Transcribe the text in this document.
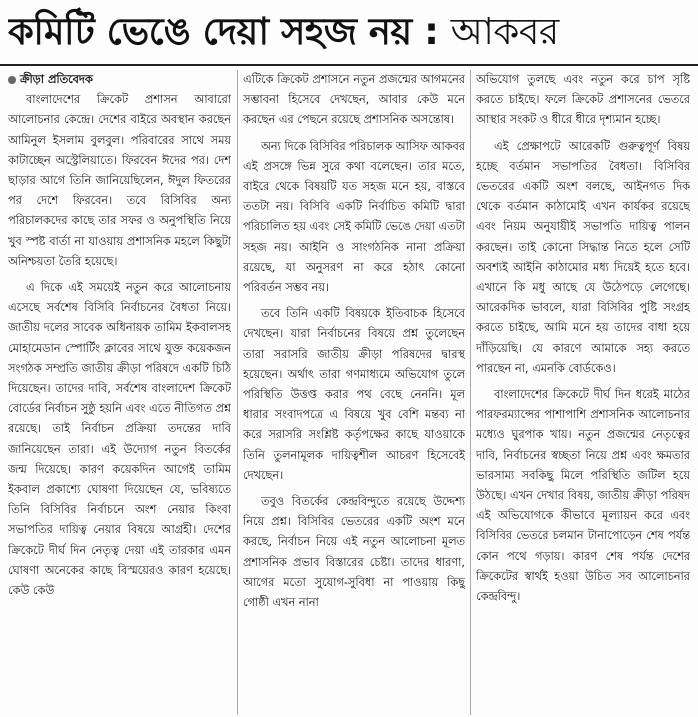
কমিটি ভেঙে দেয়া সহজ নয় : আকবর

ক্রীড়া প্রতিবেদক

বাংলাদেশের ক্রিকেট প্রশাসন আবারো আলোচনার কেন্দ্রে। দেশের বাইরে অবস্থান করছেন আমিনুল ইসলাম বুলবুল। পরিবারের সাথে সময় কাটাচ্ছেন অস্ট্রেলিয়াতে। ফিরবেন ঈদের পর। দেশ ছাড়ার আগে তিনি জানিয়েছিলেন, ঈদুল ফিতরের পর দেশে ফিরবেন। তবে বিসিবির অন্য পরিচালকদের কাছে তার সফর ও অনুপস্থিতি নিয়ে খুব স্পষ্ট বার্তা না যাওয়ায় প্রশাসনিক মহলে কিছুটা অনিশ্চয়তা তৈরি হয়েছে।

এ দিকে এই সময়েই নতুন করে আলোচনায় এসেছে সর্বশেষ বিসিবি নির্বাচনের বৈধতা নিয়ে। জাতীয় দলের সাবেক অধিনায়ক তামিম ইকবালসহ মোহামেডান স্পোর্টিং ক্লাবের সাথে যুক্ত কয়েকজন সংগঠক সম্প্রতি জাতীয় ক্রীড়া পরিষদে একটি চিঠি দিয়েছেন। তাদের দাবি, সর্বশেষ বাংলাদেশ ক্রিকেট বোর্ডের নির্বাচন সুষ্ঠু হয়নি এবং এতে নীতিগত প্রশ্ন রয়েছে। তাই নির্বাচন প্রক্রিয়া তদন্তের দাবি জানিয়েছেন তারা। এই উদ্যোগ নতুন বিতর্কের জন্ম দিয়েছে। কারণ কয়েকদিন আগেই তামিম ইকবাল প্রকাশ্যে ঘোষণা দিয়েছেন যে, ভবিষ্যতে তিনি বিসিবির নির্বাচনে অংশ নেয়ার কিংবা সভাপতির দায়িত্ব নেয়ার বিষয়ে আগ্রহী। দেশের ক্রিকেটে দীর্ঘ দিন নেতৃত্ব দেয়া এই তারকার এমন ঘোষণা অনেকের কাছে বিস্ময়েরও কারণ হয়েছে। কেউ কেউ

এটিকে ক্রিকেট প্রশাসনে নতুন প্রজন্মের আগমনের সম্ভাবনা হিসেবে দেখছেন, আবার কেউ মনে করছেন এর পেছনে রয়েছে প্রশাসনিক অসন্তোষ।

অন্য দিকে বিসিবির পরিচালক আসিফ আকবর এই প্রসঙ্গে ভিন্ন সুরে কথা বলেছেন। তার মতে, বাইরে থেকে বিষয়টি যত সহজ মনে হয়, বাস্তবে ততটা নয়। বিসিবি একটি নির্বাচিত কমিটি দ্বারা পরিচালিত হয় এবং সেই কমিটি ভেঙে দেয়া এতটা সহজ নয়। আইনি ও সাংগঠনিক নানা প্রক্রিয়া রয়েছে, যা অনুসরণ না করে হঠাৎ কোনো পরিবর্তন সম্ভব নয়।

তবে তিনি একটি বিষয়কে ইতিবাচক হিসেবে দেখছেন। যারা নির্বাচনের বিষয়ে প্রশ্ন তুলেছেন তারা সরাসরি জাতীয় ক্রীড়া পরিষদের দ্বারস্থ হয়েছেন। অর্থাৎ তারা গণমাধ্যমে অভিযোগ তুলে পরিস্থিতি উত্তপ্ত করার পথ বেছে নেননি। মূল ধারার সংবাদপত্রে এ বিষয়ে খুব বেশি মন্তব্য না করে সরাসরি সংশ্লিষ্ট কর্তৃপক্ষের কাছে যাওয়াকে তিনি তুলনামূলক দায়িত্বশীল আচরণ হিসেবেই দেখছেন।

তবুও বিতর্কের কেন্দ্রবিন্দুতে রয়েছে উদ্দেশ্য নিয়ে প্রশ্ন। বিসিবির ভেতরের একটি অংশ মনে করছে, নির্বাচন নিয়ে এই নতুন আলোচনা মূলত প্রশাসনিক প্রভাব বিস্তারের চেষ্টা। তাদের ধারণা, আগের মতো সুযোগ-সুবিধা না পাওয়ায় কিছু গোষ্ঠী এখন নানা

অভিযোগ তুলছে এবং নতুন করে চাপ সৃষ্টি করতে চাইছে। ফলে ক্রিকেট প্রশাসনের ভেতরে আস্থার সংকট ও ধীরে ধীরে দৃশ্যমান হচ্ছে।

এই প্রেক্ষাপটে আরেকটি গুরুত্বপূর্ণ বিষয় হচ্ছে বর্তমান সভাপতির বৈধতা। বিসিবির ভেতরের একটি অংশ বলছে, আইনগত দিক থেকে বর্তমান কাঠামোই এখন কার্যকর রয়েছে এবং নিয়ম অনুযায়ীই সভাপতি দায়িত্ব পালন করছেন। তাই কোনো সিদ্ধান্ত নিতে হলে সেটি অবশ্যই আইনি কাঠামোর মধ্য দিয়েই হতে হবে। এখানে কি মধু আছে যে উঠেপড়ে লেগেছে। আরেকদিক ভাবলে, যারা বিসিবির পুষ্টি সংগ্রহ করতে চাইছে, আমি মনে হয় তাদের বাধা হয়ে দাঁড়িয়েছি। যে কারণে আমাকে সহ্য করতে পারছেন না, এমনকি বোর্ডকেও।

বাংলাদেশের ক্রিকেটে দীর্ঘ দিন ধরেই মাঠের পারফরম্যান্সের পাশাপাশি প্রশাসনিক আলোচনার মধ্যেও ঘুরপাক খায়। নতুন প্রজন্মের নেতৃত্বের দাবি, নির্বাচনের স্বচ্ছতা নিয়ে প্রশ্ন এবং ক্ষমতার ভারসাম্য সবকিছু মিলে পরিস্থিতি জটিল হয়ে উঠছে। এখন দেখার বিষয়, জাতীয় ক্রীড়া পরিষদ এই অভিযোগকে কীভাবে মূল্যায়ন করে এবং বিসিবির ভেতরে চলমান টানাপোড়েন শেষ পর্যন্ত কোন পথে গড়ায়। কারণ শেষ পর্যন্ত দেশের ক্রিকেটের স্বার্থই হওয়া উচিত সব আলোচনার কেন্দ্রবিন্দু।
